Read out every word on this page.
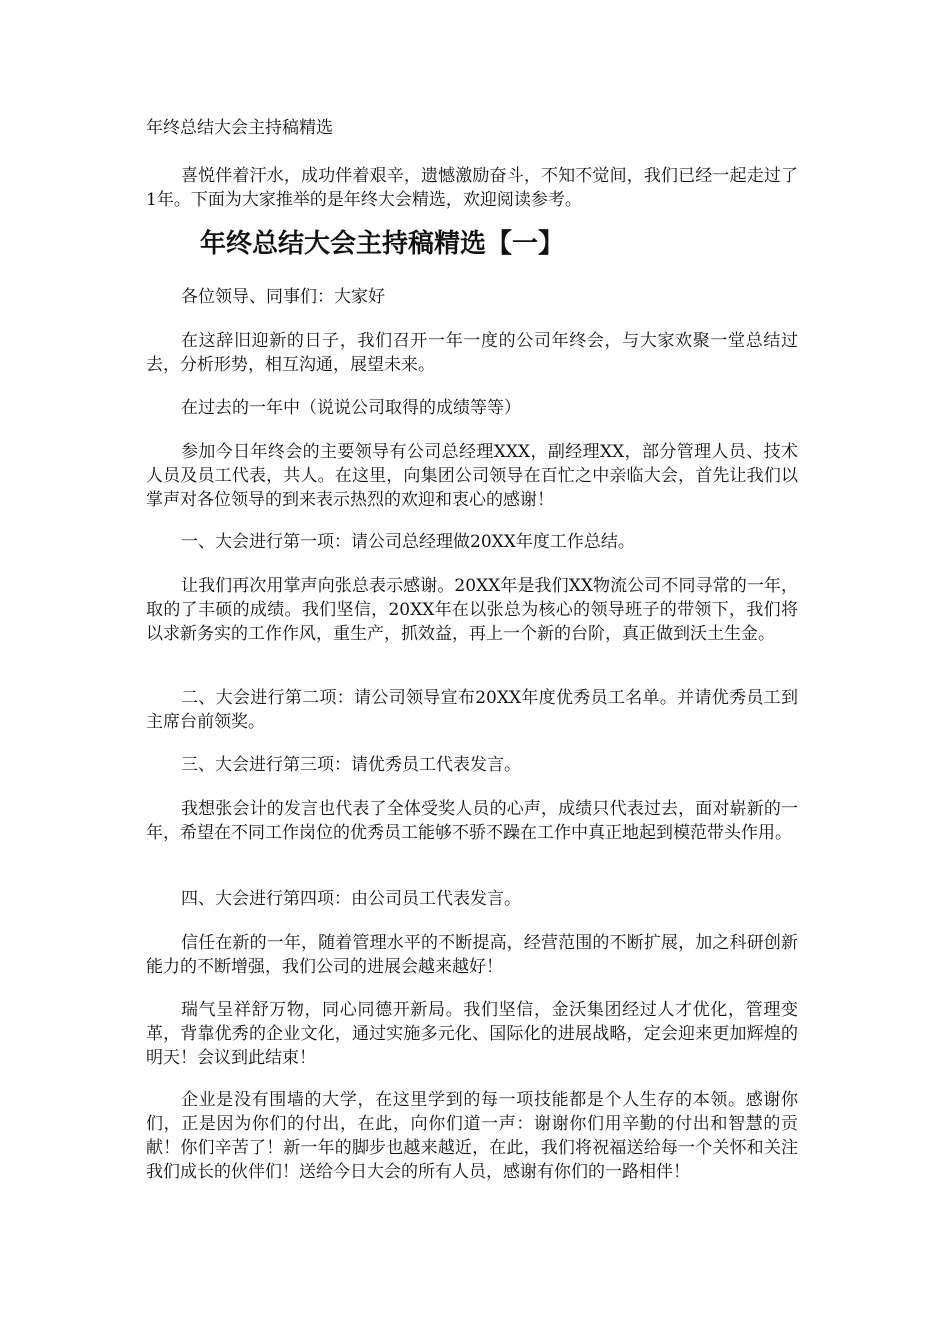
年终总结大会主持稿精选

喜悦伴着汗水，成功伴着艰辛，遗憾激励奋斗，不知不觉间，我们已经一起走过了1年。下面为大家推举的是年终大会精选，欢迎阅读参考。

年终总结大会主持稿精选【一】

各位领导、同事们：大家好

在这辞旧迎新的日子，我们召开一年一度的公司年终会，与大家欢聚一堂总结过去，分析形势，相互沟通，展望未来。

在过去的一年中（说说公司取得的成绩等等）

参加今日年终会的主要领导有公司总经理XXX，副经理XX，部分管理人员、技术人员及员工代表，共人。在这里，向集团公司领导在百忙之中亲临大会，首先让我们以掌声对各位领导的到来表示热烈的欢迎和衷心的感谢！

一、大会进行第一项：请公司总经理做20XX年度工作总结。

让我们再次用掌声向张总表示感谢。20XX年是我们XX物流公司不同寻常的一年，取的了丰硕的成绩。我们坚信，20XX年在以张总为核心的领导班子的带领下，我们将以求新务实的工作作风，重生产，抓效益，再上一个新的台阶，真正做到沃土生金。

二、大会进行第二项：请公司领导宣布20XX年度优秀员工名单。并请优秀员工到主席台前领奖。

三、大会进行第三项：请优秀员工代表发言。

我想张会计的发言也代表了全体受奖人员的心声，成绩只代表过去，面对崭新的一年，希望在不同工作岗位的优秀员工能够不骄不躁在工作中真正地起到模范带头作用。

四、大会进行第四项：由公司员工代表发言。

信任在新的一年，随着管理水平的不断提高，经营范围的不断扩展，加之科研创新能力的不断增强，我们公司的进展会越来越好！

瑞气呈祥舒万物，同心同德开新局。我们坚信，金沃集团经过人才优化，管理变革，背靠优秀的企业文化，通过实施多元化、国际化的进展战略，定会迎来更加辉煌的明天！会议到此结束！

企业是没有围墙的大学，在这里学到的每一项技能都是个人生存的本领。感谢你们，正是因为你们的付出，在此，向你们道一声：谢谢你们用辛勤的付出和智慧的贡献！你们辛苦了！新一年的脚步也越来越近，在此，我们将祝福送给每一个关怀和关注我们成长的伙伴们！送给今日大会的所有人员，感谢有你们的一路相伴！
